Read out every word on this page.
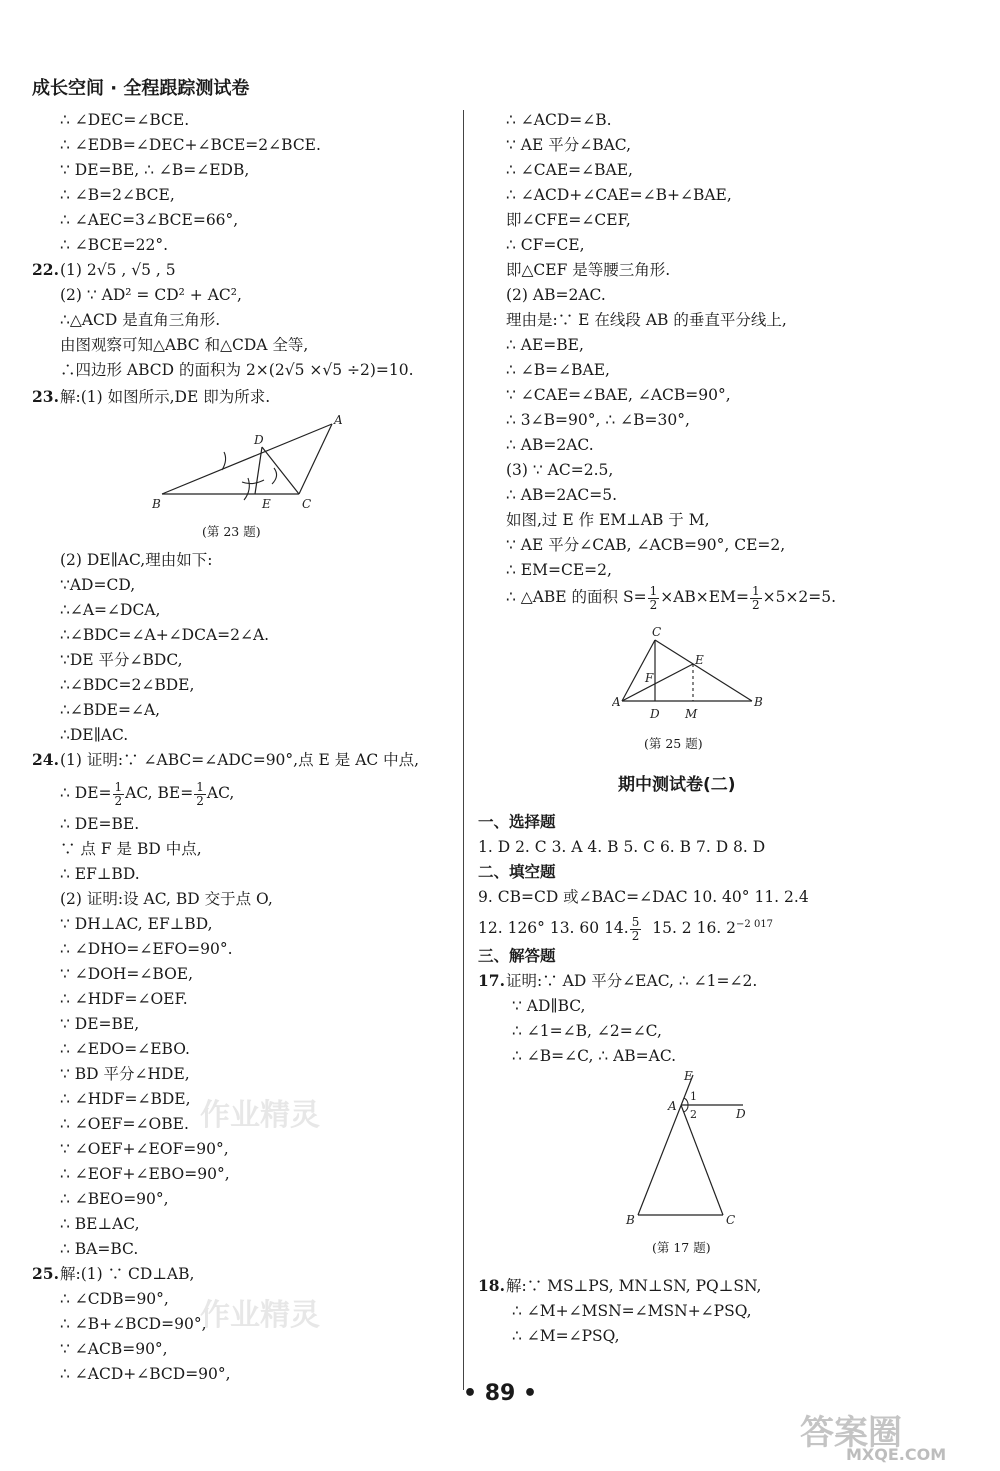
成长空间 · 全程跟踪测试卷
∴ ∠DEC=∠BCE.
∴ ∠EDB=∠DEC+∠BCE=2∠BCE.
∵ DE=BE, ∴ ∠B=∠EDB,
∴ ∠B=2∠BCE,
∴ ∠AEC=3∠BCE=66°,
∴ ∠BCE=22°.
22. (1) 2√5 , √5 , 5
(2) ∵ AD² = CD² + AC²,
∴△ACD 是直角三角形.
由图观察可知△ABC 和△CDA 全等,
∴四边形 ABCD 的面积为 2×(2√5 ×√5 ÷2)=10.
23. 解:(1) 如图所示,DE 即为所求.
B	C
A
D
E
(第 23 题)
(2) DE∥AC,理由如下:
∵AD=CD,
∴∠A=∠DCA,
∴∠BDC=∠A+∠DCA=2∠A.
∵DE 平分∠BDC,
∴∠BDC=2∠BDE,
∴∠BDE=∠A,
∴DE∥AC.
24. (1) 证明:∵ ∠ABC=∠ADC=90°,点 E 是 AC 中点,
∴ $DE= \frac{1}{2}$ AC, $BE= \frac{1}{2}$ AC,
∴ DE=BE.
∵ 点 F 是 BD 中点,
∴ EF⊥BD.
(2) 证明:设 AC, BD 交于点 O,
∵ DH⊥AC, EF⊥BD,
∴ ∠DHO=∠EFO=90°.
∵ ∠DOH=∠BOE,
∴ ∠HDF=∠OEF.
∵ DE=BE,
∴ ∠EDO=∠EBO.
∵ BD 平分∠HDE,
∴ ∠HDF=∠BDE,
∴ ∠OEF=∠OBE.
∵ ∠OEF+∠EOF=90°,
∴ ∠EOF+∠EBO=90°,
∴ ∠BEO=90°,
∴ BE⊥AC,
∴ BA=BC.
25. 解:(1) ∵ CD⊥AB,
∴ ∠CDB=90°,
∴ ∠B+∠BCD=90°,
∵ ∠ACB=90°,
∴ ∠ACD+∠BCD=90°,
∴ ∠ACD=∠B.
∵ AE 平分∠BAC,
∴ ∠CAE=∠BAE,
∴ ∠ACD+∠CAE=∠B+∠BAE,
即∠CFE=∠CEF,
∴ CF=CE,
即△CEF 是等腰三角形.
(2) AB=2AC.
理由是:∵ E 在线段 AB 的垂直平分线上,
∴ AE=BE,
∴ ∠B=∠BAE,
∵ ∠CAE=∠BAE, ∠ACB=90°,
∴ 3∠B=90°, ∴ ∠B=30°,
∴ AB=2AC.
(3) ∵ AC=2.5,
∴ AB=2AC=5.
如图,过 E 作 EM⊥AB 于 M,
∵ AE 平分∠CAB, ∠ACB=90°, CE=2,
∴ EM=CE=2,
∴ △ABE 的面积 $S= \frac{1}{2} \times AB\times EM= \frac{1}{2} \times 5\times 2=5$.
C
A	B
D M
E
F
(第 25 题)
期中测试卷(二)
一、选择题
1. D 2. C 3. A 4. B 5. C 6. B 7. D 8. D
二、填空题
9. CB=CD 或∠BAC=∠DAC 10. 40° 11. 2.4
12. 126° 13. 60 14. $\frac{5}{2} 15$. 2 16. $2^{-2 017}$
三、解答题
17. 证明:∵ AD 平分∠EAC, ∴ ∠1=∠2.
∵ AD∥BC,
∴ ∠1=∠B, ∠2=∠C,
∴ ∠B=∠C, ∴ AB=AC.
E
A
D
B	C
1
2
(第 17 题)
18. 解:∵ MS⊥PS, MN⊥SN, PQ⊥SN,
∴ ∠M+∠MSN=∠MSN+∠PSQ,
∴ ∠M=∠PSQ,
作业精灵
作业精灵
答案圈
MXQE.COM
• 89 •
